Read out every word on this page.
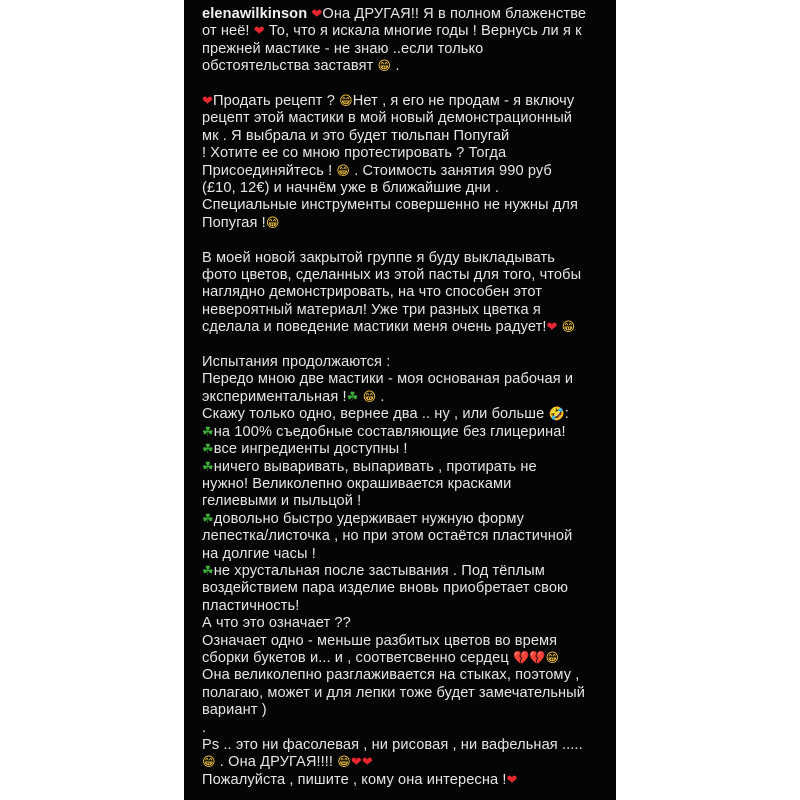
elenawilkinson ❤Она ДРУГАЯ!! Я в полном блаженстве
от неё! ❤ То, что я искала многие годы ! Вернусь ли я к
прежней мастике - не знаю ..если только
обстоятельства заставят 😁 .
❤Продать рецепт ? 😁Нет , я его не продам - я включу
рецепт этой мастики в мой новый демонстрационный
мк . Я выбрала и это будет тюльпан Попугай
! Хотите ее со мною протестировать ? Тогда
Присоединяйтесь ! 😁 . Стоимость занятия 990 руб
(£10, 12€) и начнём уже в ближайшие дни .
Специальные инструменты совершенно не нужны для
Попугая !😁
В моей новой закрытой группе я буду выкладывать
фото цветов, сделанных из этой пасты для того, чтобы
наглядно демонстрировать, на что способен этот
невероятный материал! Уже три разных цветка я
сделала и поведение мастики меня очень радует!❤ 😁
Испытания продолжаются :
Передо мною две мастики - моя основаная рабочая и
экспериментальная !☘ 😁 .
Скажу только одно, вернее два .. ну , или больше 🤣:
☘на 100% съедобные составляющие без глицерина!
☘все ингредиенты доступны !
☘ничего вываривать, выпаривать , протирать не
нужно! Великолепно окрашивается красками
гелиевыми и пыльцой !
☘довольно быстро удерживает нужную форму
лепестка/листочка , но при этом остаётся пластичной
на долгие часы !
☘не хрустальная после застывания . Под тёплым
воздействием пара изделие вновь приобретает свою
пластичность!
А что это означает ??
Означает одно - меньше разбитых цветов во время
сборки букетов и... и , соответсвенно сердец 💔💔😁
Она великолепно разглаживается на стыках, поэтому ,
полагаю, может и для лепки тоже будет замечательный
вариант )
.
Ps .. это ни фасолевая , ни рисовая , ни вафельная .....
😁 . Она ДРУГАЯ!!!! 😁❤❤
Пожалуйста , пишите , кому она интересна !❤
